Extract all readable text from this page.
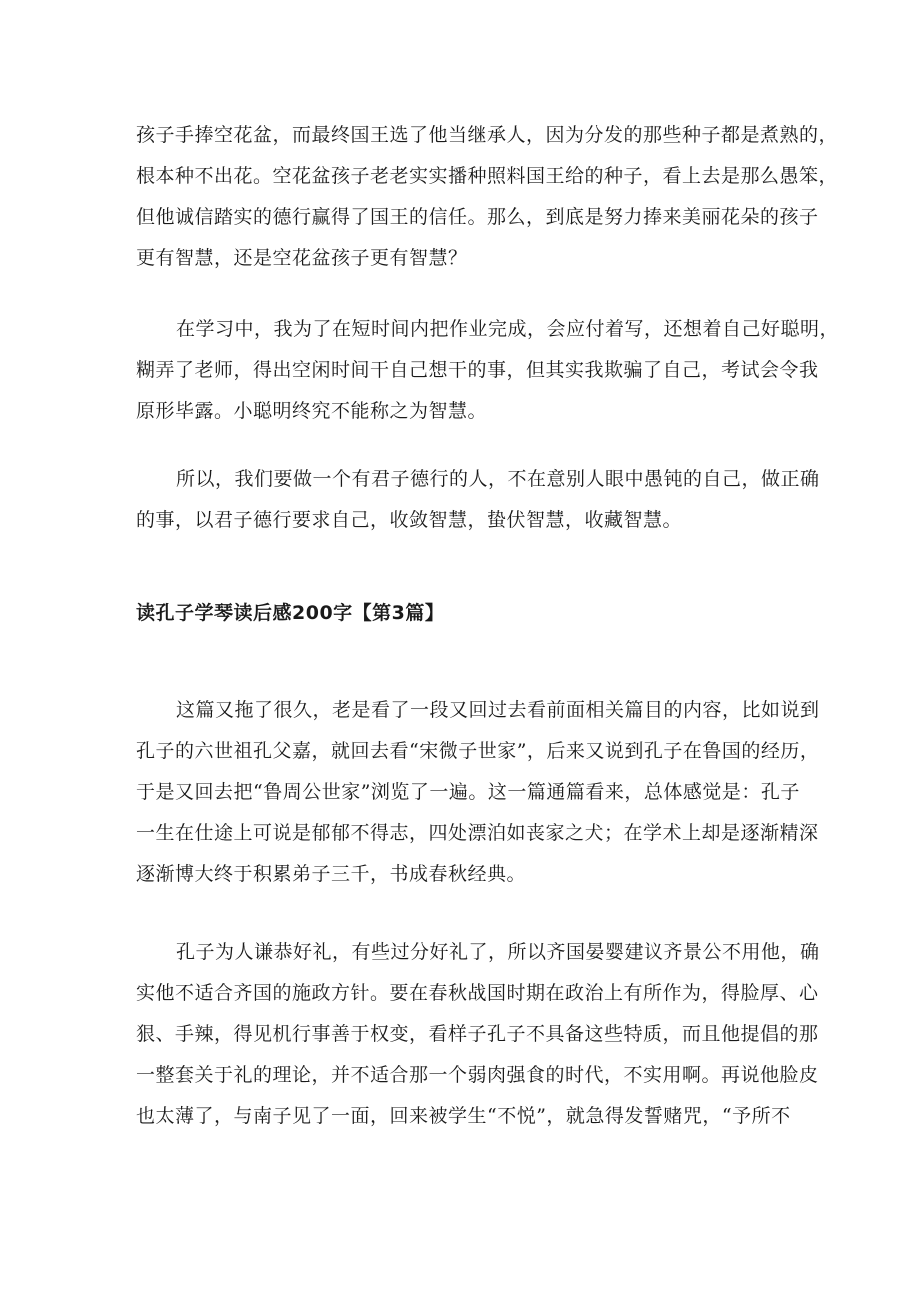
孩子手捧空花盆，而最终国王选了他当继承人，因为分发的那些种子都是煮熟的，
根本种不出花。空花盆孩子老老实实播种照料国王给的种子，看上去是那么愚笨，
但他诚信踏实的德行赢得了国王的信任。那么，到底是努力捧来美丽花朵的孩子
更有智慧，还是空花盆孩子更有智慧？

在学习中，我为了在短时间内把作业完成，会应付着写，还想着自己好聪明，
糊弄了老师，得出空闲时间干自己想干的事，但其实我欺骗了自己，考试会令我
原形毕露。小聪明终究不能称之为智慧。

所以，我们要做一个有君子德行的人，不在意别人眼中愚钝的自己，做正确
的事，以君子德行要求自己，收敛智慧，蛰伏智慧，收藏智慧。

读孔子学琴读后感200字【第3篇】

这篇又拖了很久，老是看了一段又回过去看前面相关篇目的内容，比如说到
孔子的六世祖孔父嘉，就回去看“宋微子世家”，后来又说到孔子在鲁国的经历，
于是又回去把“鲁周公世家”浏览了一遍。这一篇通篇看来，总体感觉是：孔子
一生在仕途上可说是郁郁不得志，四处漂泊如丧家之犬；在学术上却是逐渐精深
逐渐博大终于积累弟子三千，书成春秋经典。

孔子为人谦恭好礼，有些过分好礼了，所以齐国晏婴建议齐景公不用他，确
实他不适合齐国的施政方针。要在春秋战国时期在政治上有所作为，得脸厚、心
狠、手辣，得见机行事善于权变，看样子孔子不具备这些特质，而且他提倡的那
一整套关于礼的理论，并不适合那一个弱肉强食的时代，不实用啊。再说他脸皮
也太薄了，与南子见了一面，回来被学生“不悦”，就急得发誓赌咒，“予所不
